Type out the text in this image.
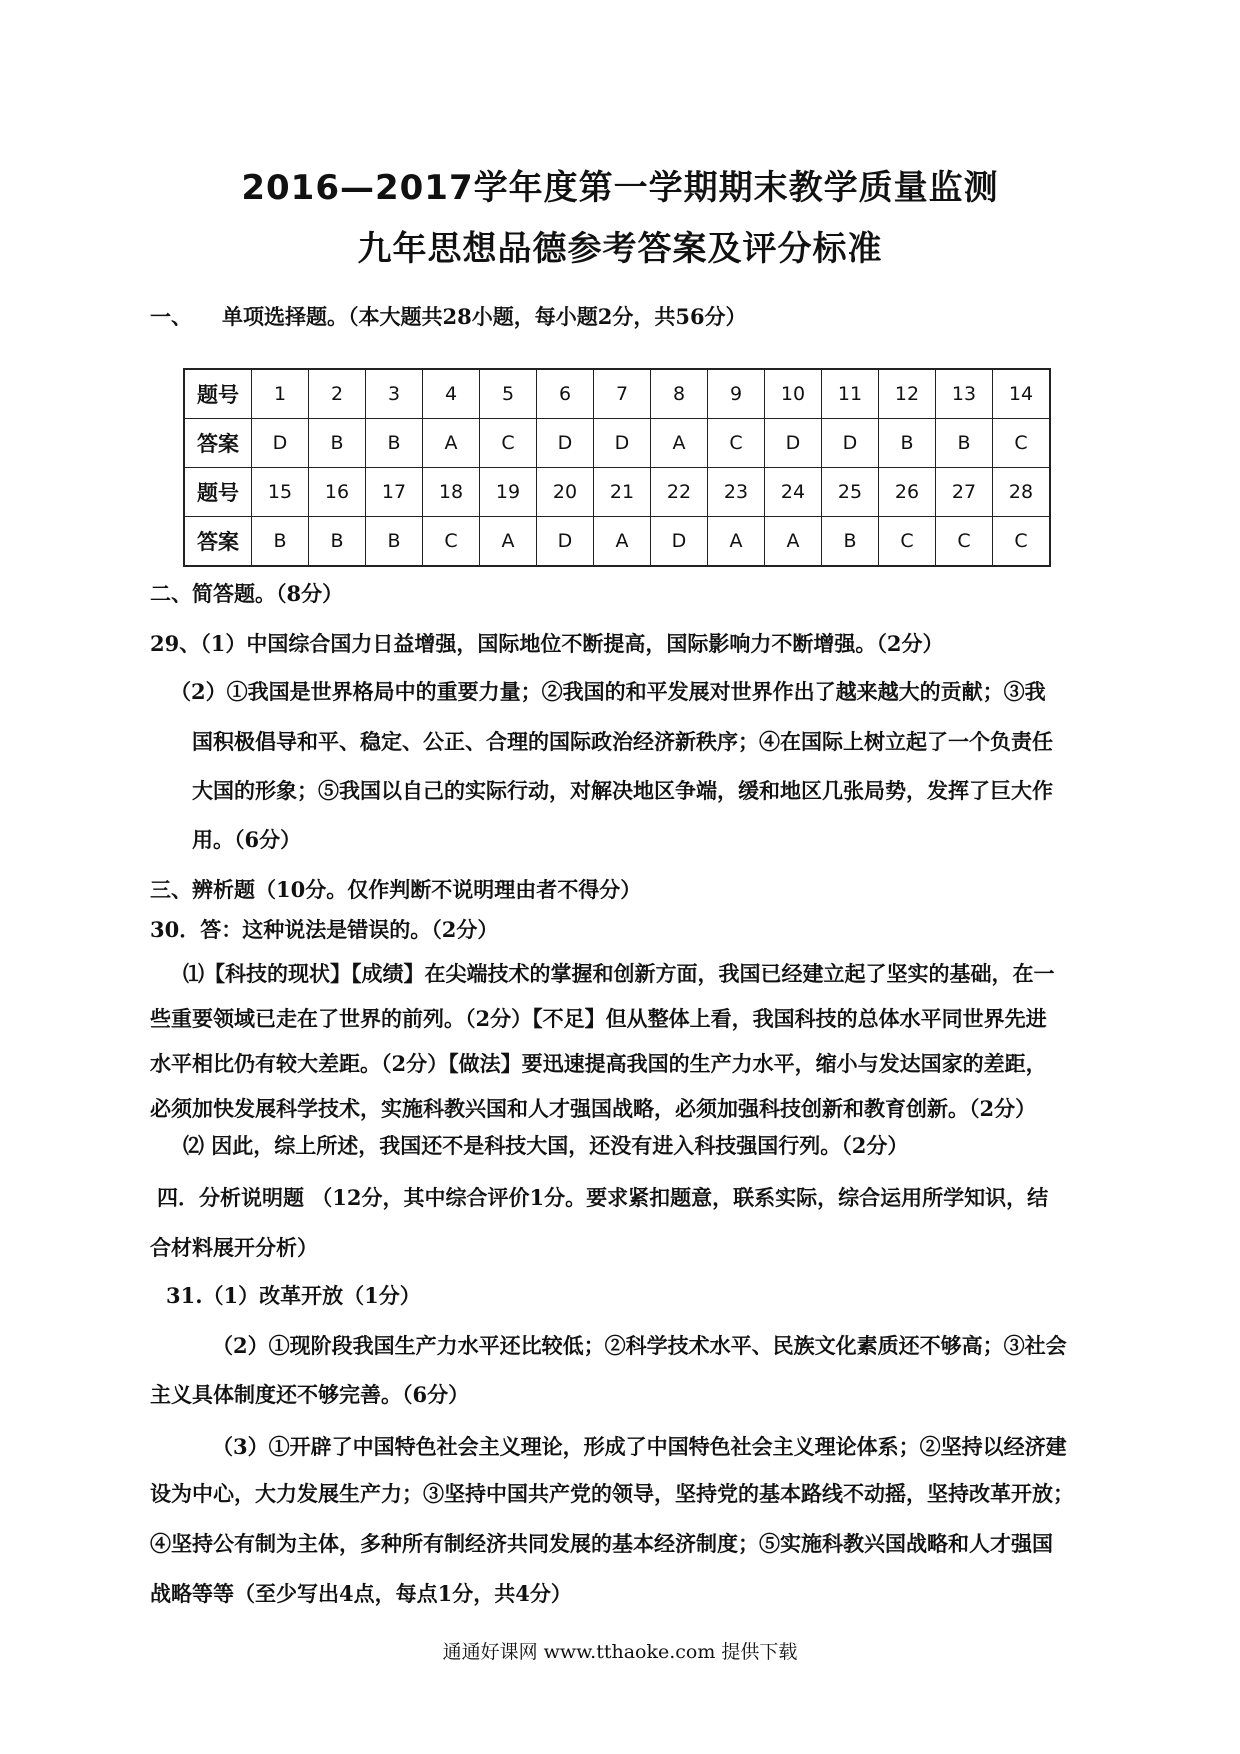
2016—2017学年度第一学期期末教学质量监测
九年思想品德参考答案及评分标准
一、 单项选择题。（本大题共28小题，每小题2分，共56分）
题号	1	2	3	4	5	6	7	8	9	10	11	12	13	14
答案	D	B	B	A	C	D	D	A	C	D	D	B	B	C
题号	15	16	17	18	19	20	21	22	23	24	25	26	27	28
答案	B	B	B	C	A	D	A	D	A	A	B	C	C	C
二、简答题。（8分）
29、（1）中国综合国力日益增强，国际地位不断提高，国际影响力不断增强。（2分）
（2）①我国是世界格局中的重要力量；②我国的和平发展对世界作出了越来越大的贡献；③我
国积极倡导和平、稳定、公正、合理的国际政治经济新秩序；④在国际上树立起了一个负责任
大国的形象；⑤我国以自己的实际行动，对解决地区争端，缓和地区几张局势，发挥了巨大作
用。（6分）
三、辨析题（10分。仅作判断不说明理由者不得分）
30．答：这种说法是错误的。（2分）
⑴【科技的现状】【成绩】在尖端技术的掌握和创新方面，我国已经建立起了坚实的基础，在一
些重要领域已走在了世界的前列。（2分）【不足】但从整体上看，我国科技的总体水平同世界先进
水平相比仍有较大差距。（2分）【做法】要迅速提高我国的生产力水平，缩小与发达国家的差距，
必须加快发展科学技术，实施科教兴国和人才强国战略，必须加强科技创新和教育创新。（2分）
⑵ 因此，综上所述，我国还不是科技大国，还没有进入科技强国行列。（2分）
四．分析说明题 （12分，其中综合评价1分。要求紧扣题意，联系实际，综合运用所学知识，结
合材料展开分析）
31.（1）改革开放（1分）
（2）①现阶段我国生产力水平还比较低；②科学技术水平、民族文化素质还不够高；③社会
主义具体制度还不够完善。（6分）
（3）①开辟了中国特色社会主义理论，形成了中国特色社会主义理论体系；②坚持以经济建
设为中心，大力发展生产力；③坚持中国共产党的领导，坚持党的基本路线不动摇，坚持改革开放；
④坚持公有制为主体，多种所有制经济共同发展的基本经济制度；⑤实施科教兴国战略和人才强国
战略等等（至少写出4点，每点1分，共4分）
通通好课网 www.tthaoke.com 提供下载
